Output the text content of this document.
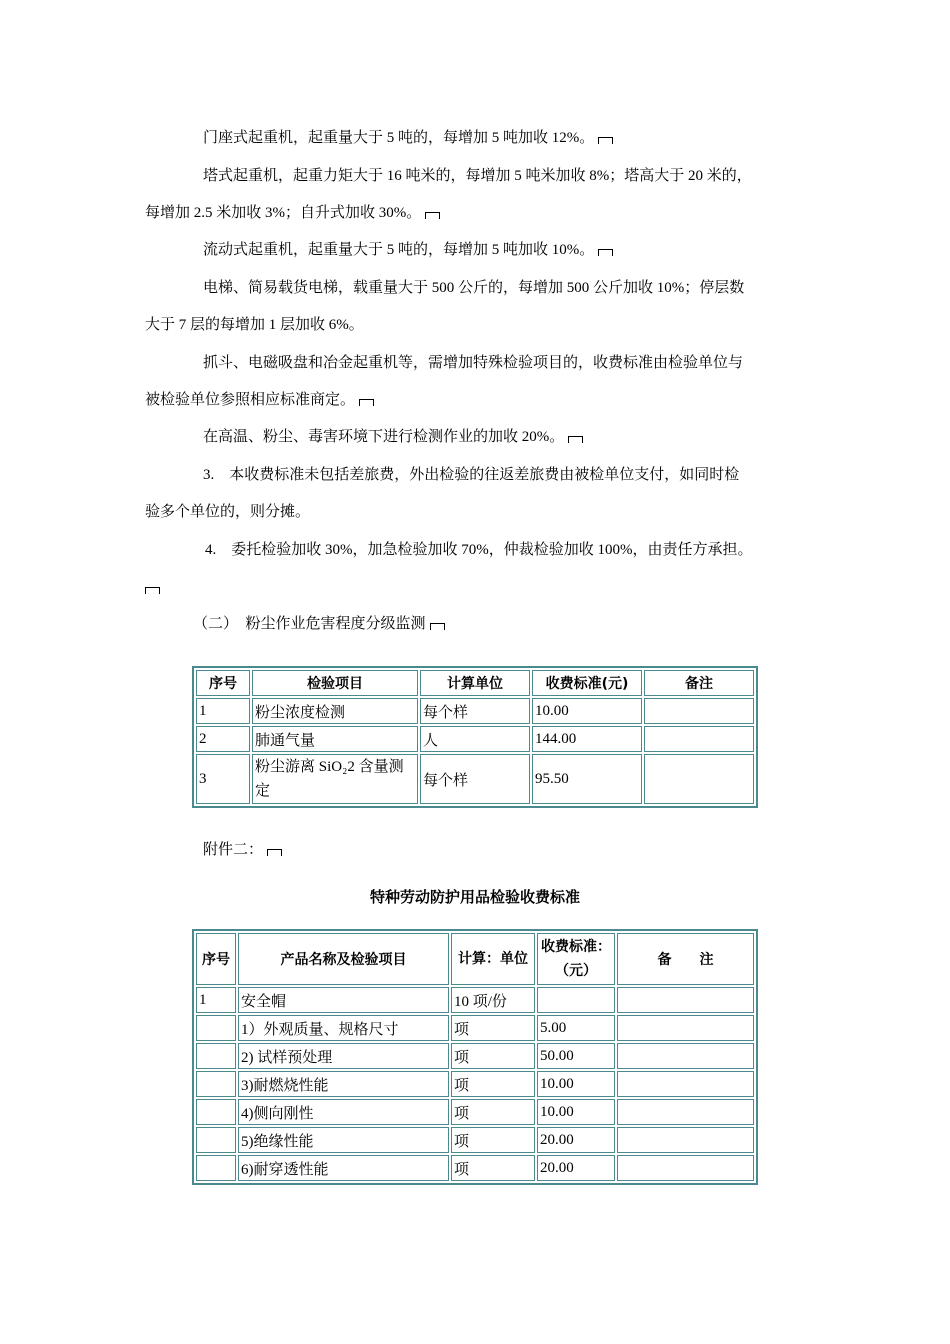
门座式起重机，起重量大于 5 吨的，每增加 5 吨加收 12%。
塔式起重机，起重力矩大于 16 吨米的，每增加 5 吨米加收 8%；塔高大于 20 米的，
每增加 2.5 米加收 3%；自升式加收 30%。
流动式起重机，起重量大于 5 吨的，每增加 5 吨加收 10%。
电梯、简易载货电梯，载重量大于 500 公斤的，每增加 500 公斤加收 10%；停层数
大于 7 层的每增加 1 层加收 6%。
抓斗、电磁吸盘和冶金起重机等，需增加特殊检验项目的，收费标准由检验单位与
被检验单位参照相应标准商定。
在高温、粉尘、毒害环境下进行检测作业的加收 20%。
3.　本收费标准未包括差旅费，外出检验的往返差旅费由被检单位支付，如同时检
验多个单位的，则分摊。
4.　委托检验加收 30%，加急检验加收 70%，仲裁检验加收 100%，由责任方承担。
（二）　粉尘作业危害程度分级监测
序号	检验项目	计算单位	收费标准(元)	备注
1	粉尘浓度检测	每个样	10.00	
2	肺通气量	人	144.00	
3	粉尘游离 SiO₂2 含量测定	每个样	95.50	
附件二：
特种劳动防护用品检验收费标准
序号	产品名称及检验项目	计算：单位	收费标准：（元）	备　　注
1	安全帽	10 项/份		
	1）外观质量、规格尺寸	项	5.00	
	2) 试样预处理	项	50.00	
	3)耐燃烧性能	项	10.00	
	4)侧向刚性	项	10.00	
	5)绝缘性能	项	20.00	
	6)耐穿透性能	项	20.00	
